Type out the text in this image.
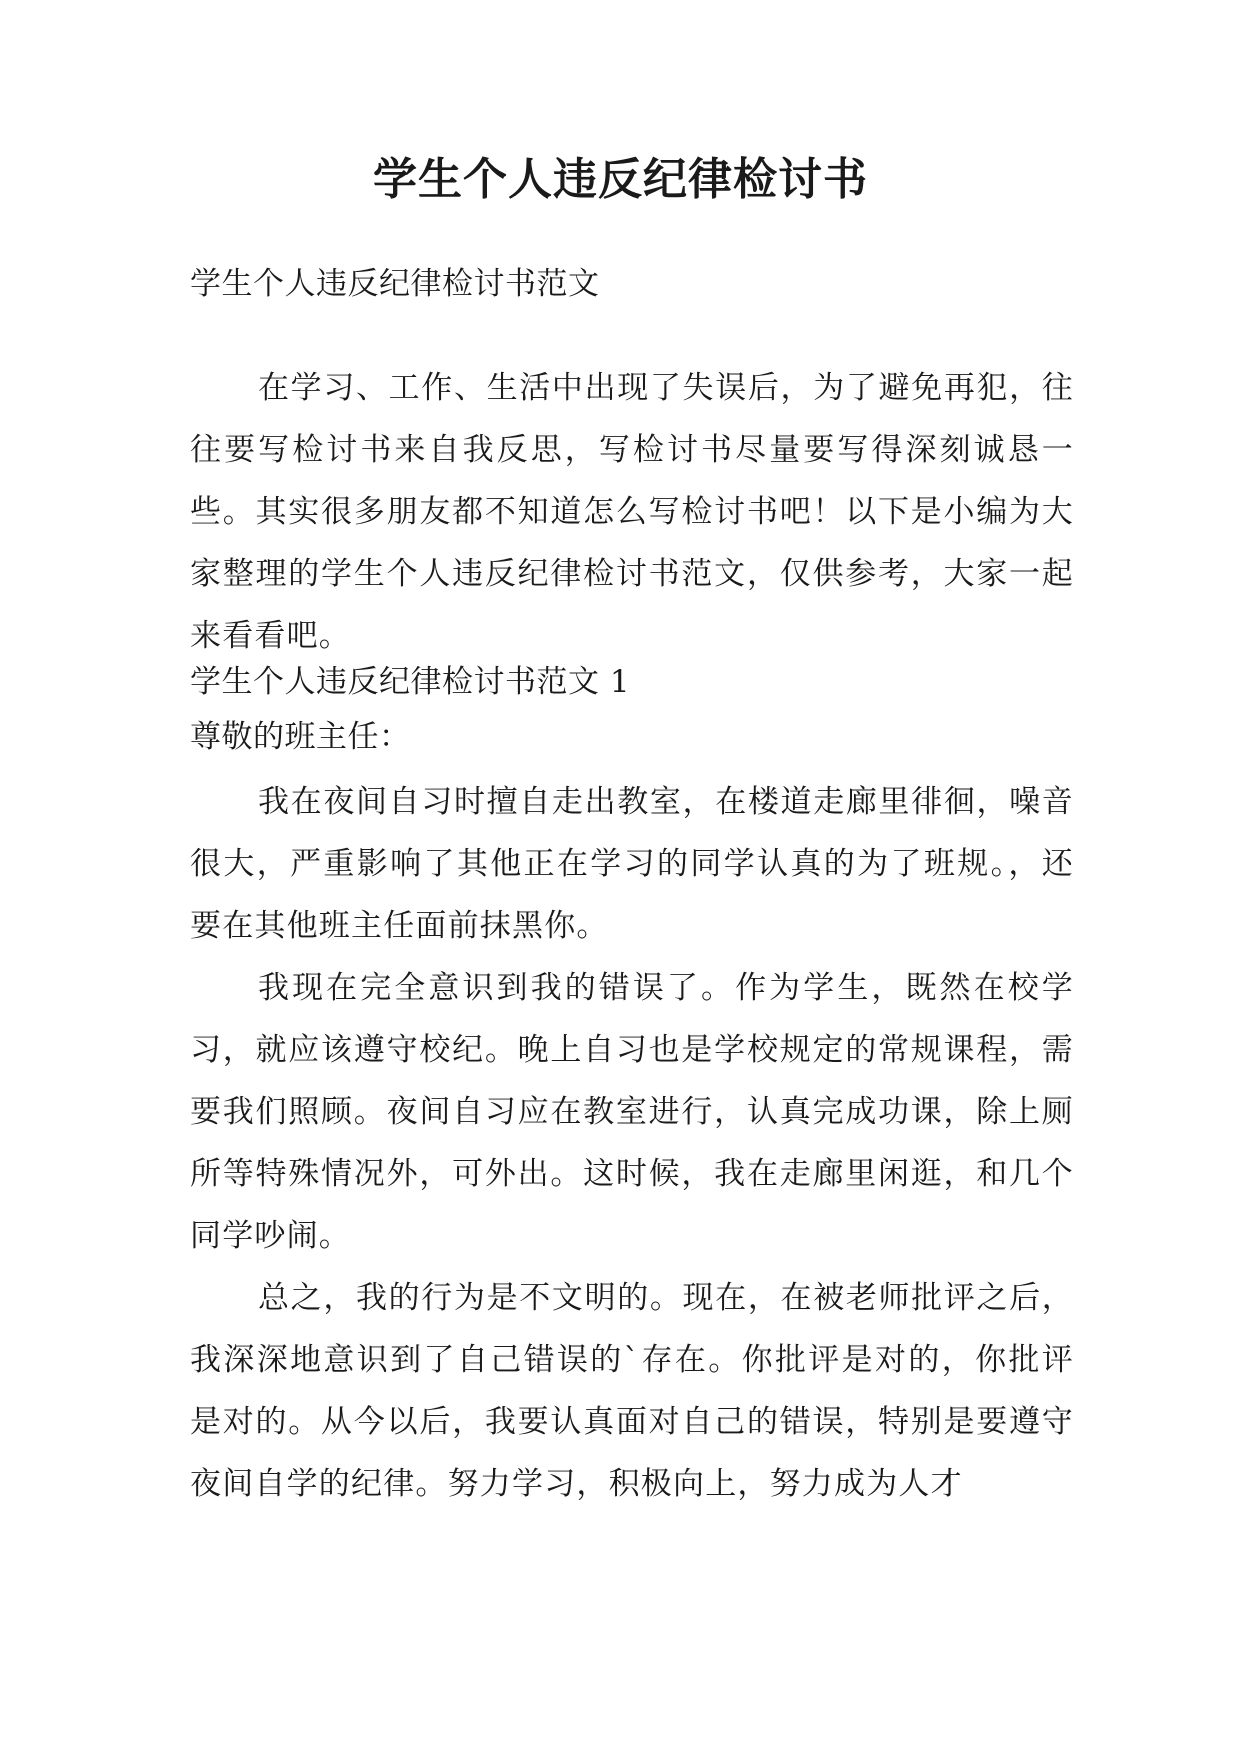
学生个人违反纪律检讨书

学生个人违反纪律检讨书范文

在学习、工作、生活中出现了失误后，为了避免再犯，往往要写检讨书来自我反思，写检讨书尽量要写得深刻诚恳一些。其实很多朋友都不知道怎么写检讨书吧！以下是小编为大家整理的学生个人违反纪律检讨书范文，仅供参考，大家一起来看看吧。

学生个人违反纪律检讨书范文 1

尊敬的班主任：

我在夜间自习时擅自走出教室，在楼道走廊里徘徊，噪音很大，严重影响了其他正在学习的同学认真的为了班规。，还要在其他班主任面前抹黑你。

我现在完全意识到我的错误了。作为学生，既然在校学习，就应该遵守校纪。晚上自习也是学校规定的常规课程，需要我们照顾。夜间自习应在教室进行，认真完成功课，除上厕所等特殊情况外，可外出。这时候，我在走廊里闲逛，和几个同学吵闹。

总之，我的行为是不文明的。现在，在被老师批评之后，我深深地意识到了自己错误的`存在。你批评是对的，你批评是对的。从今以后，我要认真面对自己的错误，特别是要遵守夜间自学的纪律。努力学习，积极向上，努力成为人才
